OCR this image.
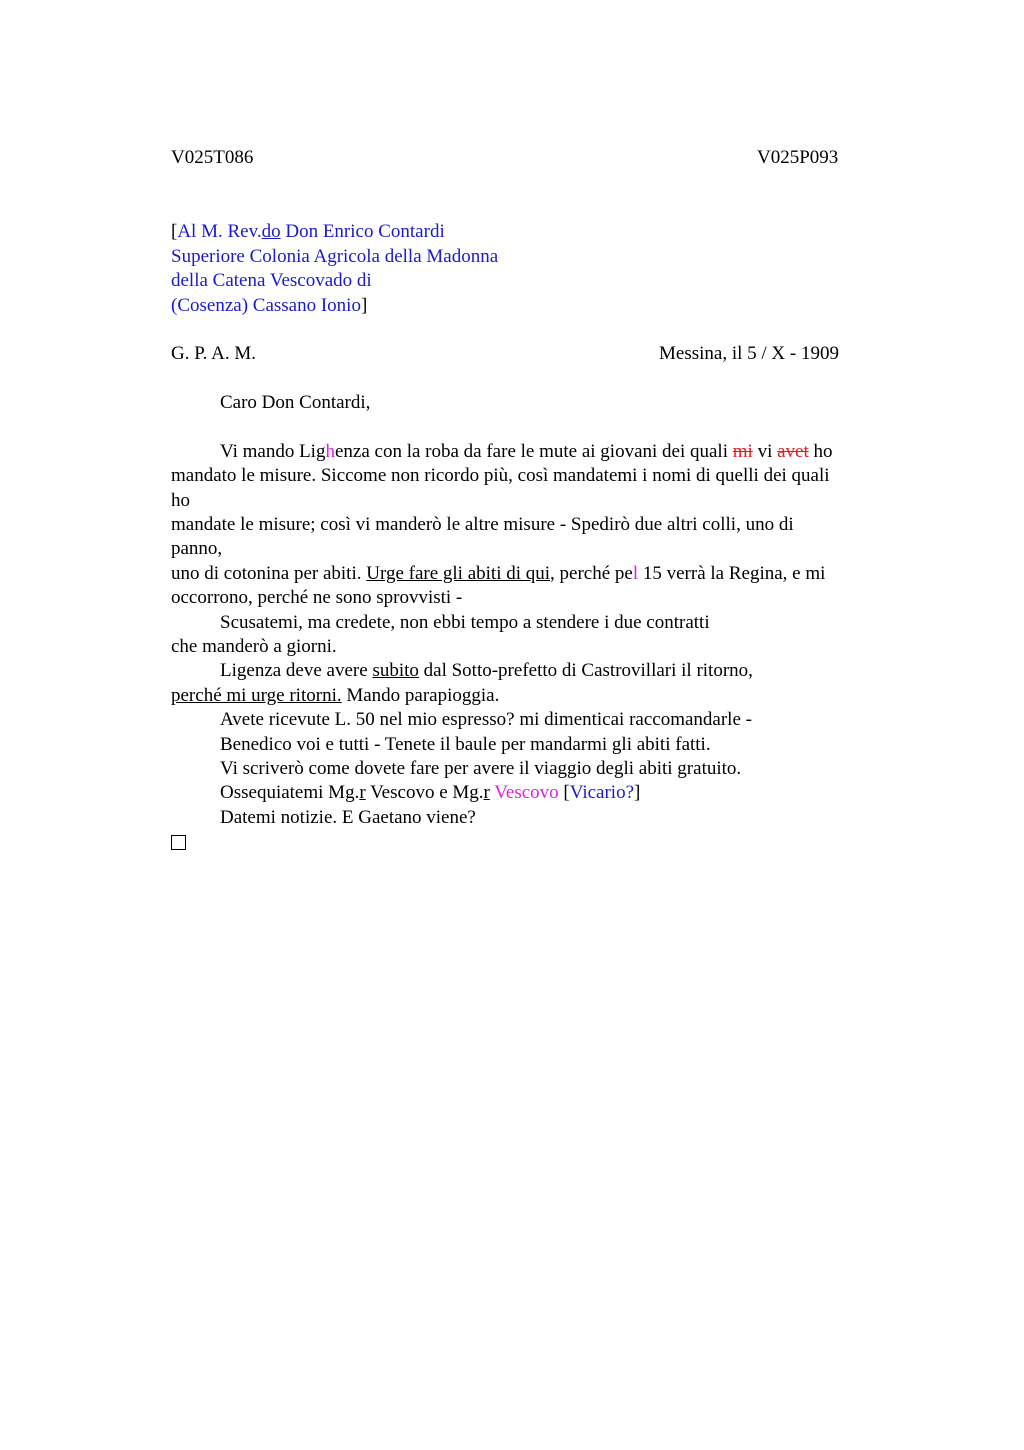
V025T086	V025P093
[Al M. Rev.do Don Enrico Contardi
Superiore Colonia Agricola della Madonna
della Catena Vescovado di
(Cosenza) Cassano Ionio]
G. P. A. M.	Messina, il 5 / X - 1909
Caro Don Contardi,
Vi mando Lighenza con la roba da fare le mute ai giovani dei quali mi vi avet ho
mandato le misure. Siccome non ricordo più, così mandatemi i nomi di quelli dei quali
ho
mandate le misure; così vi manderò le altre misure - Spedirò due altri colli, uno di
panno,
uno di cotonina per abiti. Urge fare gli abiti di qui, perché pel 15 verrà la Regina, e mi
occorrono, perché ne sono sprovvisti -
Scusatemi, ma credete, non ebbi tempo a stendere i due contratti
che manderò a giorni.
Ligenza deve avere subito dal Sotto-prefetto di Castrovillari il ritorno,
perché mi urge ritorni. Mando parapioggia.
Avete ricevute L. 50 nel mio espresso? mi dimenticai raccomandarle -
Benedico voi e tutti - Tenete il baule per mandarmi gli abiti fatti.
Vi scriverò come dovete fare per avere il viaggio degli abiti gratuito.
Ossequiatemi Mg.r Vescovo e Mg.r Vescovo [Vicario?]
Datemi notizie. E Gaetano viene?
